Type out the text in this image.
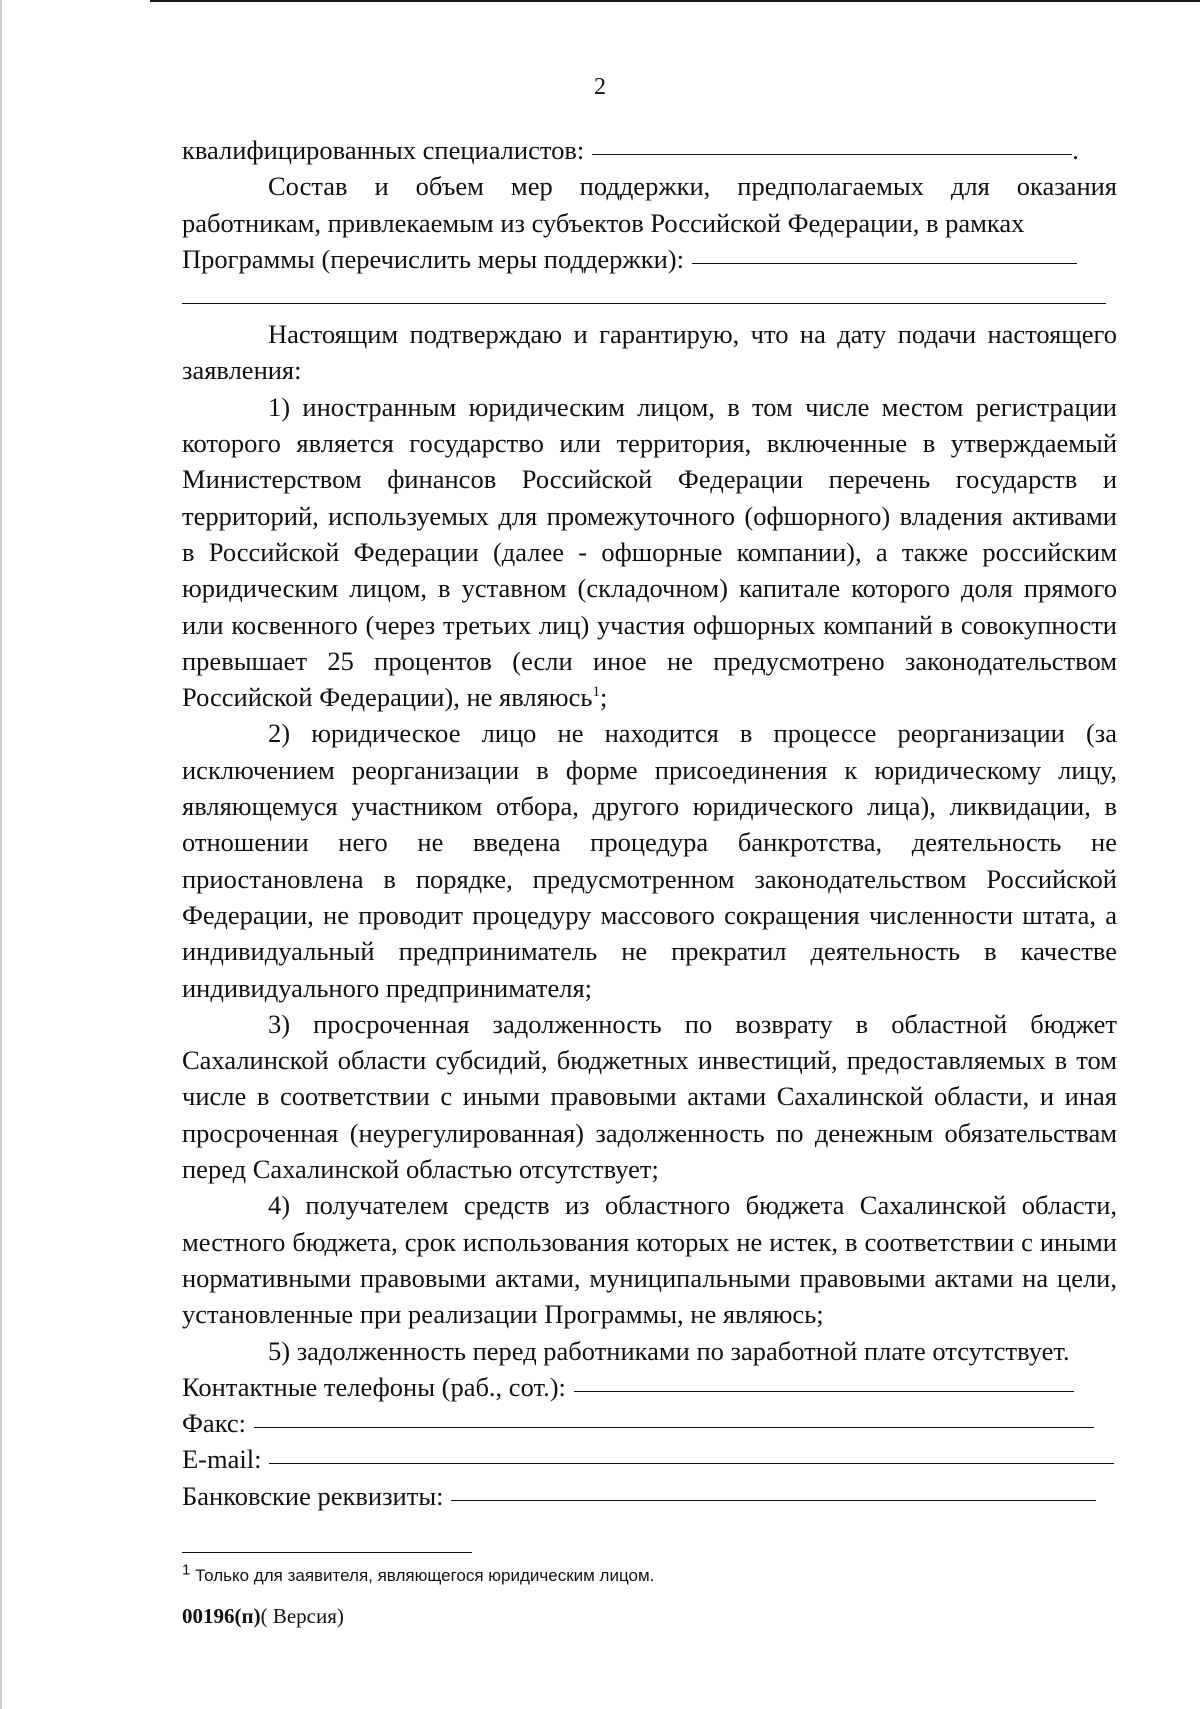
2
квалифицированных специалистов:	.

Состав и объем мер поддержки, предполагаемых для оказания работникам, привлекаемым из субъектов Российской Федерации, в рамках

Программы (перечислить меры поддержки):

Настоящим подтверждаю и гарантирую, что на дату подачи настоящего заявления:

1) иностранным юридическим лицом, в том числе местом регистрации которого является государство или территория, включенные в утверждаемый Министерством финансов Российской Федерации перечень государств и территорий, используемых для промежуточного (офшорного) владения активами в Российской Федерации (далее - офшорные компании), а также российским юридическим лицом, в уставном (складочном) капитале которого доля прямого или косвенного (через третьих лиц) участия офшорных компаний в совокупности превышает 25 процентов (если иное не предусмотрено законодательством Российской Федерации), не являюсь$^1$;

2) юридическое лицо не находится в процессе реорганизации (за исключением реорганизации в форме присоединения к юридическому лицу, являющемуся участником отбора, другого юридического лица), ликвидации, в отношении него не введена процедура банкротства, деятельность не приостановлена в порядке, предусмотренном законодательством Российской Федерации, не проводит процедуру массового сокращения численности штата, а индивидуальный предприниматель не прекратил деятельность в качестве индивидуального предпринимателя;

3) просроченная задолженность по возврату в областной бюджет Сахалинской области субсидий, бюджетных инвестиций, предоставляемых в том числе в соответствии с иными правовыми актами Сахалинской области, и иная просроченная (неурегулированная) задолженность по денежным обязательствам перед Сахалинской областью отсутствует;

4) получателем средств из областного бюджета Сахалинской области, местного бюджета, срок использования которых не истек, в соответствии с иными нормативными правовыми актами, муниципальными правовыми актами на цели, установленные при реализации Программы, не являюсь;

5) задолженность перед работниками по заработной плате отсутствует.

Контактные телефоны (раб., сот.):
Факс:
E-mail:
Банковские реквизиты:
$^1$ Только для заявителя, являющегося юридическим лицом.
00196(п)( Версия)
